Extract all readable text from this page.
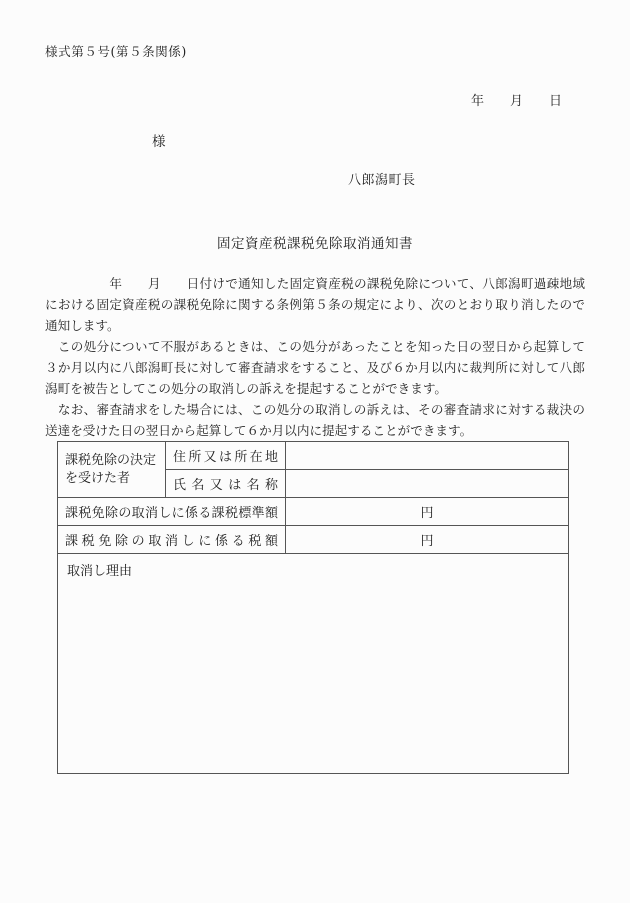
様式第５号(第５条関係)
年　　月　　日
様
八郎潟町長
固定資産税課税免除取消通知書
　　　　　年　　月　　日付けで通知した固定資産税の課税免除について、八郎潟町過疎地域
における固定資産税の課税免除に関する条例第５条の規定により、次のとおり取り消したので
通知します。
　この処分について不服があるときは、この処分があったことを知った日の翌日から起算して
３か月以内に八郎潟町長に対して審査請求をすること、及び６か月以内に裁判所に対して八郎
潟町を被告としてこの処分の取消しの訴えを提起することができます。
　なお、審査請求をした場合には、この処分の取消しの訴えは、その審査請求に対する裁決の
送達を受けた日の翌日から起算して６か月以内に提起することができます。
課税免除の決定を受けた者	住所又は所在地	
	氏名又は名称	
課税免除の取消しに係る課税標準額		円
課税免除の取消しに係る税額		円
取消し理由		
